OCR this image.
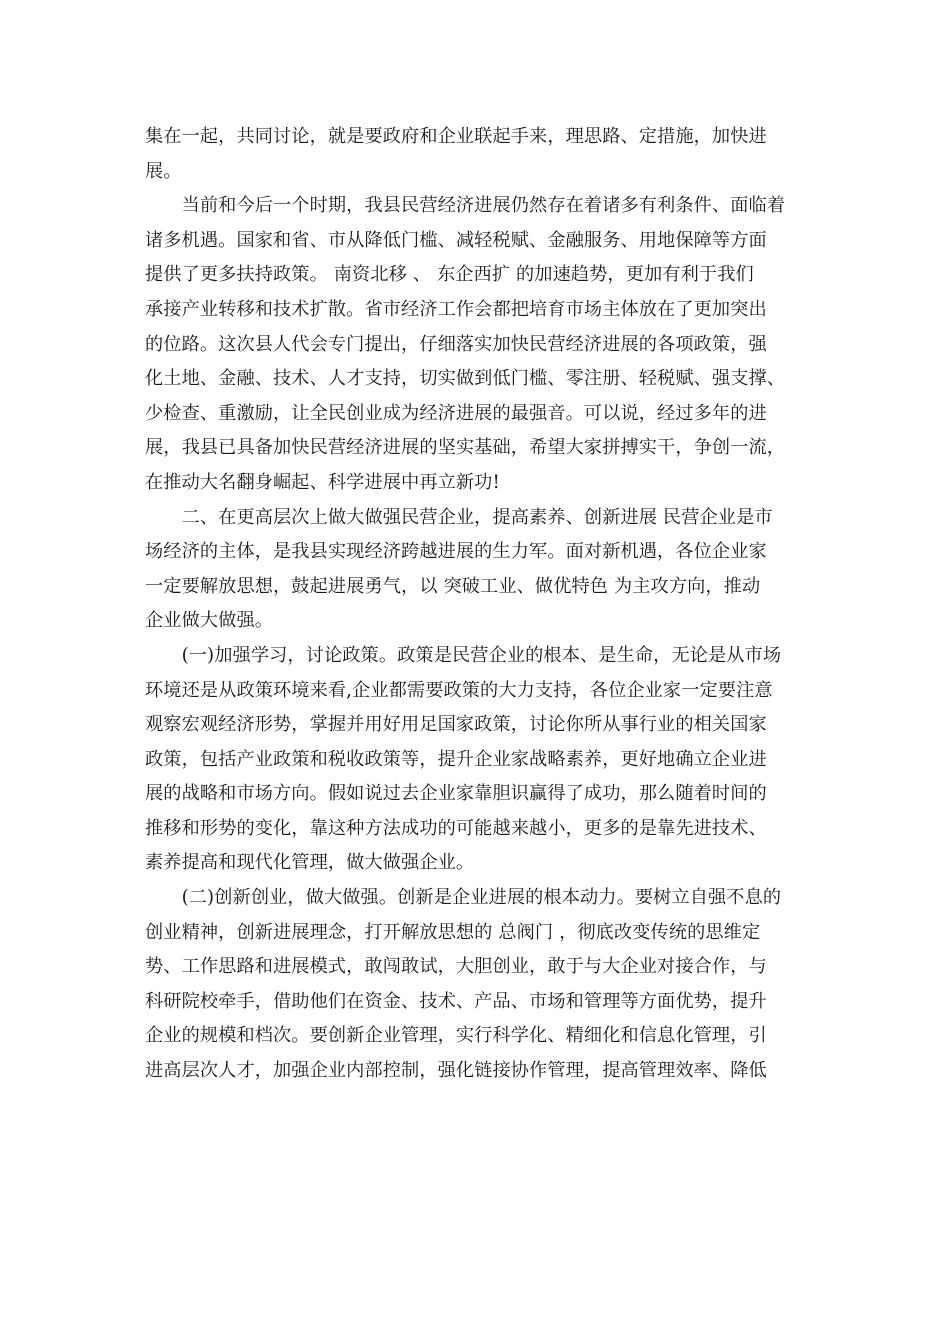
集在一起，共同讨论，就是要政府和企业联起手来，理思路、定措施，加快进
展。
　　当前和今后一个时期，我县民营经济进展仍然存在着诸多有利条件、面临着
诸多机遇。国家和省、市从降低门槛、减轻税赋、金融服务、用地保障等方面
提供了更多扶持政策。 南资北移 、 东企西扩 的加速趋势，更加有利于我们
承接产业转移和技术扩散。省市经济工作会都把培育市场主体放在了更加突出
的位路。这次县人代会专门提出，仔细落实加快民营经济进展的各项政策，强
化土地、金融、技术、人才支持，切实做到低门槛、零注册、轻税赋、强支撑、
少检查、重激励，让全民创业成为经济进展的最强音。可以说，经过多年的进
展，我县已具备加快民营经济进展的坚实基础，希望大家拼搏实干，争创一流，
在推动大名翻身崛起、科学进展中再立新功!
　　二、在更高层次上做大做强民营企业，提高素养、创新进展 民营企业是市
场经济的主体，是我县实现经济跨越进展的生力军。面对新机遇，各位企业家
一定要解放思想，鼓起进展勇气，以 突破工业、做优特色 为主攻方向，推动
企业做大做强。
　　(一)加强学习，讨论政策。政策是民营企业的根本、是生命，无论是从市场
环境还是从政策环境来看,企业都需要政策的大力支持，各位企业家一定要注意
观察宏观经济形势，掌握并用好用足国家政策，讨论你所从事行业的相关国家
政策，包括产业政策和税收政策等，提升企业家战略素养，更好地确立企业进
展的战略和市场方向。假如说过去企业家靠胆识赢得了成功，那么随着时间的
推移和形势的变化，靠这种方法成功的可能越来越小，更多的是靠先进技术、
素养提高和现代化管理，做大做强企业。
　　(二)创新创业，做大做强。创新是企业进展的根本动力。要树立自强不息的
创业精神，创新进展理念，打开解放思想的 总阀门 ，彻底改变传统的思维定
势、工作思路和进展模式，敢闯敢试，大胆创业，敢于与大企业对接合作，与
科研院校牵手，借助他们在资金、技术、产品、市场和管理等方面优势，提升
企业的规模和档次。要创新企业管理，实行科学化、精细化和信息化管理，引
进高层次人才，加强企业内部控制，强化链接协作管理，提高管理效率、降低
